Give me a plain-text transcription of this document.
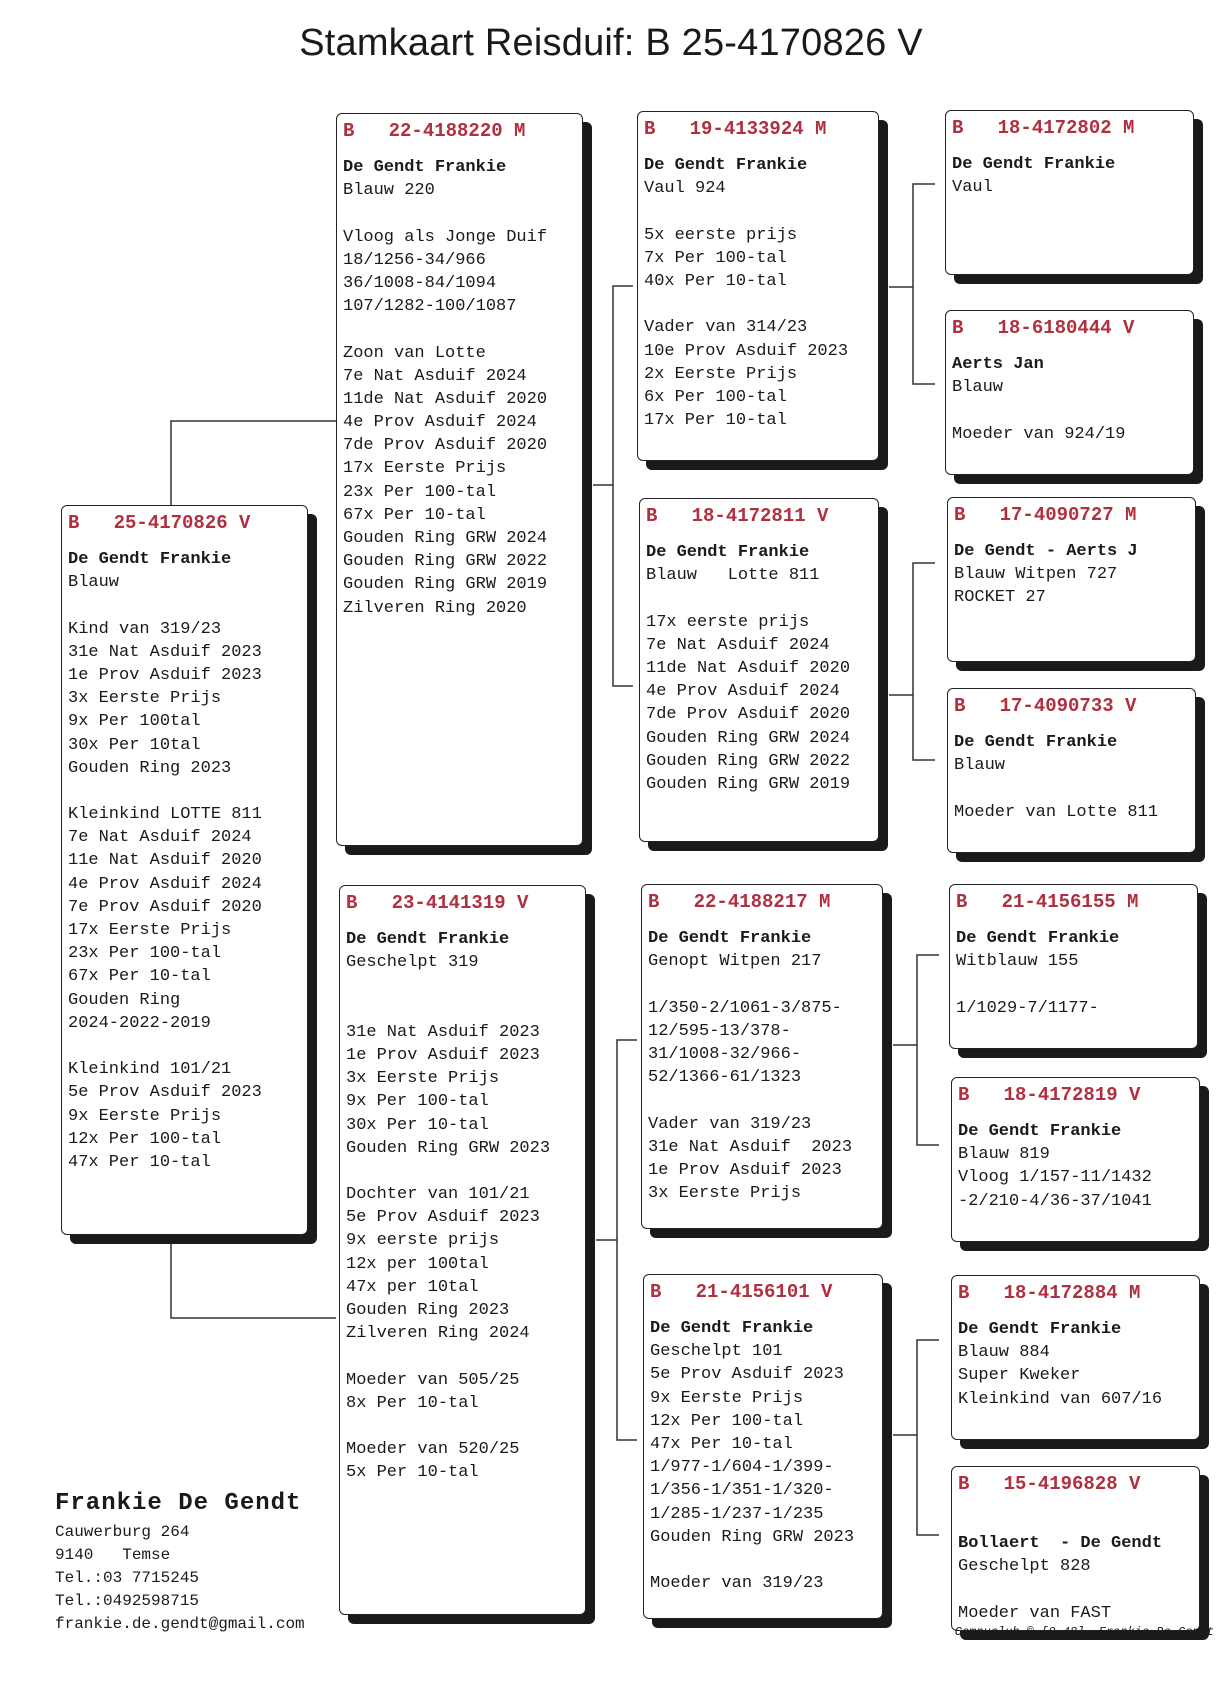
Stamkaart Reisduif: B 25-4170826 V
B   25-4170826 V
De Gendt Frankie
Blauw
Kind van 319/23
31e Nat Asduif 2023
1e Prov Asduif 2023
3x Eerste Prijs
9x Per 100tal
30x Per 10tal
Gouden Ring 2023
Kleinkind LOTTE 811
7e Nat Asduif 2024
11e Nat Asduif 2020
4e Prov Asduif 2024
7e Prov Asduif 2020
17x Eerste Prijs
23x Per 100-tal
67x Per 10-tal
Gouden Ring
2024-2022-2019
Kleinkind 101/21
5e Prov Asduif 2023
9x Eerste Prijs
12x Per 100-tal
47x Per 10-tal
B   22-4188220 M
De Gendt Frankie
Blauw 220
Vloog als Jonge Duif
18/1256-34/966
36/1008-84/1094
107/1282-100/1087
Zoon van Lotte
7e Nat Asduif 2024
11de Nat Asduif 2020
4e Prov Asduif 2024
7de Prov Asduif 2020
17x Eerste Prijs
23x Per 100-tal
67x Per 10-tal
Gouden Ring GRW 2024
Gouden Ring GRW 2022
Gouden Ring GRW 2019
Zilveren Ring 2020
B   23-4141319 V
De Gendt Frankie
Geschelpt 319
31e Nat Asduif 2023
1e Prov Asduif 2023
3x Eerste Prijs
9x Per 100-tal
30x Per 10-tal
Gouden Ring GRW 2023
Dochter van 101/21
5e Prov Asduif 2023
9x eerste prijs
12x per 100tal
47x per 10tal
Gouden Ring 2023
Zilveren Ring 2024
Moeder van 505/25
8x Per 10-tal
Moeder van 520/25
5x Per 10-tal
B   19-4133924 M
De Gendt Frankie
Vaul 924
5x eerste prijs
7x Per 100-tal
40x Per 10-tal
Vader van 314/23
10e Prov Asduif 2023
2x Eerste Prijs
6x Per 100-tal
17x Per 10-tal
B   18-4172811 V
De Gendt Frankie
Blauw   Lotte 811
17x eerste prijs
7e Nat Asduif 2024
11de Nat Asduif 2020
4e Prov Asduif 2024
7de Prov Asduif 2020
Gouden Ring GRW 2024
Gouden Ring GRW 2022
Gouden Ring GRW 2019
B   22-4188217 M
De Gendt Frankie
Genopt Witpen 217
1/350-2/1061-3/875-
12/595-13/378-
31/1008-32/966-
52/1366-61/1323
Vader van 319/23
31e Nat Asduif  2023
1e Prov Asduif 2023
3x Eerste Prijs
B   21-4156101 V
De Gendt Frankie
Geschelpt 101
5e Prov Asduif 2023
9x Eerste Prijs
12x Per 100-tal
47x Per 10-tal
1/977-1/604-1/399-
1/356-1/351-1/320-
1/285-1/237-1/235
Gouden Ring GRW 2023
Moeder van 319/23
B   18-4172802 M
De Gendt Frankie
Vaul
B   18-6180444 V
Aerts Jan
Blauw
Moeder van 924/19
B   17-4090727 M
De Gendt - Aerts J
Blauw Witpen 727
ROCKET 27
B   17-4090733 V
De Gendt Frankie
Blauw
Moeder van Lotte 811
B   21-4156155 M
De Gendt Frankie
Witblauw 155
1/1029-7/1177-
B   18-4172819 V
De Gendt Frankie
Blauw 819
Vloog 1/157-11/1432
-2/210-4/36-37/1041
B   18-4172884 M
De Gendt Frankie
Blauw 884
Super Kweker
Kleinkind van 607/16
B   15-4196828 V
Bollaert  - De Gendt
Geschelpt 828
Moeder van FAST
Frankie De Gendt
Cauwerburg 264
9140   Temse
Tel.:03 7715245
Tel.:0492598715
frankie.de.gendt@gmail.com	Compuclub © [9.48]  Frankie De Gendt
